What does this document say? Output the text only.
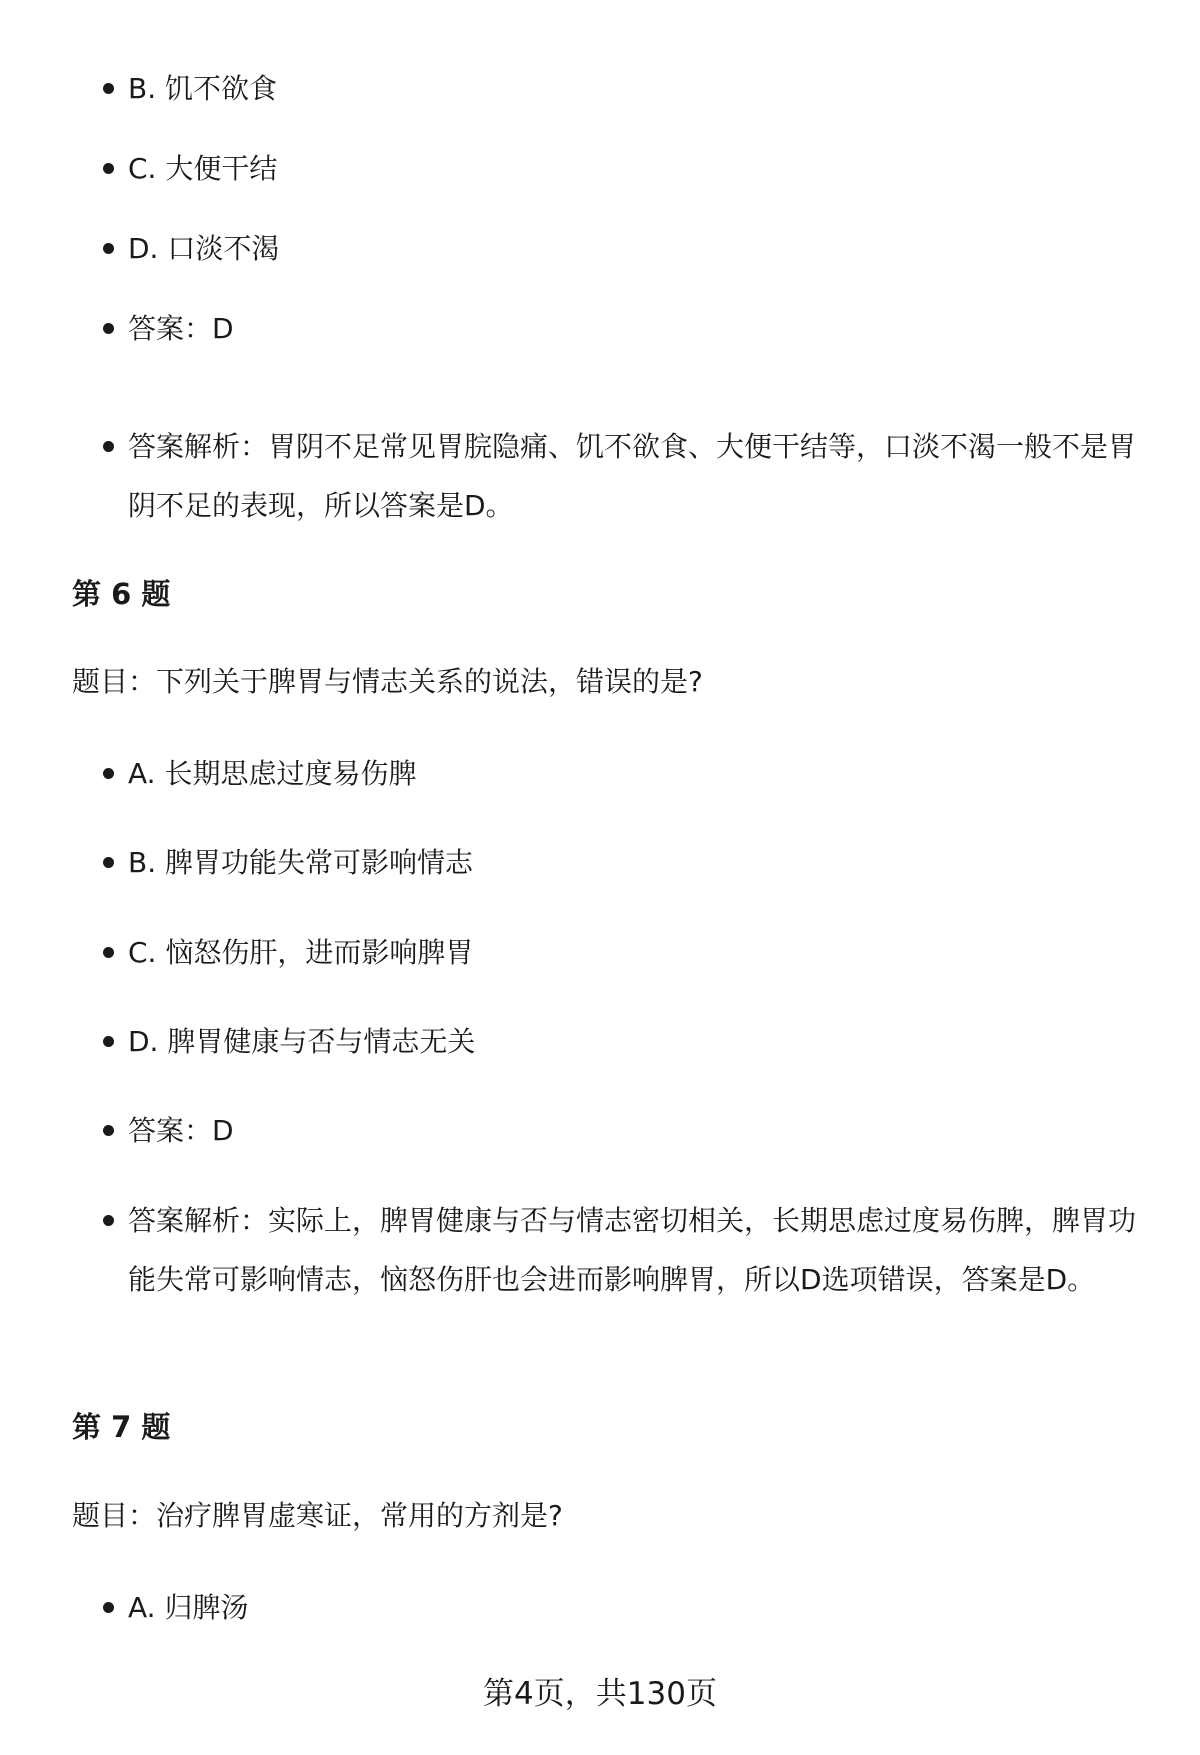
B. 饥不欲食
C. 大便干结
D. 口淡不渴
答案：D
答案解析：胃阴不足常见胃脘隐痛、饥不欲食、大便干结等，口淡不渴一般不是胃阴不足的表现，所以答案是D。
第 6 题

题目：下列关于脾胃与情志关系的说法，错误的是?

A. 长期思虑过度易伤脾
B. 脾胃功能失常可影响情志
C. 恼怒伤肝，进而影响脾胃
D. 脾胃健康与否与情志无关
答案：D
答案解析：实际上，脾胃健康与否与情志密切相关，长期思虑过度易伤脾，脾胃功能失常可影响情志，恼怒伤肝也会进而影响脾胃，所以D选项错误，答案是D。
第 7 题

题目：治疗脾胃虚寒证，常用的方剂是?

A. 归脾汤
第4页，共130页
